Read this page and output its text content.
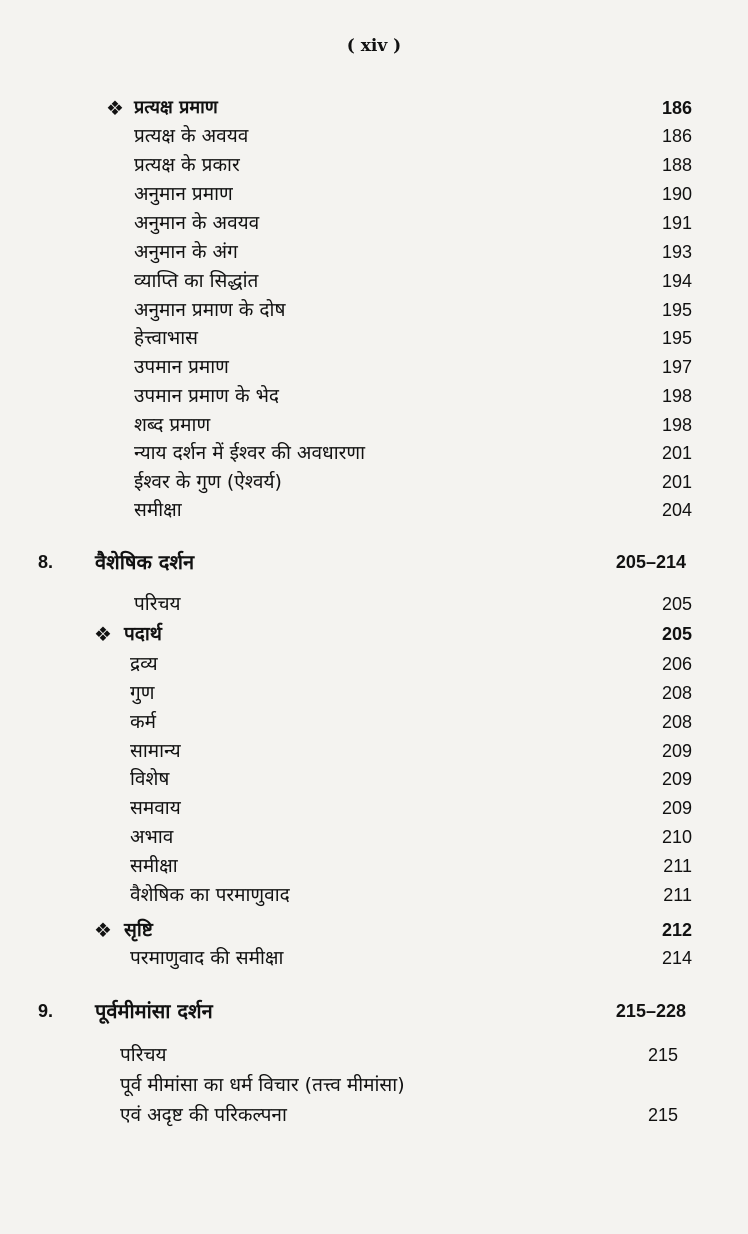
( xiv )
❖ प्रत्यक्ष प्रमाण	186
प्रत्यक्ष के अवयव	186
प्रत्यक्ष के प्रकार	188
अनुमान प्रमाण	190
अनुमान के अवयव	191
अनुमान के अंग	193
व्याप्ति का सिद्धांत	194
अनुमान प्रमाण के दोष	195
हेत्त्वाभास	195
उपमान प्रमाण	197
उपमान प्रमाण के भेद	198
शब्द प्रमाण	198
न्याय दर्शन में ईश्वर की अवधारणा	201
ईश्वर के गुण (ऐश्वर्य)	201
समीक्षा	204
8. वैशेषिक दर्शन	205–214
परिचय	205
❖ पदार्थ	205
द्रव्य	206
गुण	208
कर्म	208
सामान्य	209
विशेष	209
समवाय	209
अभाव	210
समीक्षा	211
वैशेषिक का परमाणुवाद	211
❖ सृष्टि	212
परमाणुवाद की समीक्षा	214
9. पूर्वमीमांसा दर्शन	215–228
परिचय	215
पूर्व मीमांसा का धर्म विचार (तत्त्व मीमांसा)
एवं अदृष्ट की परिकल्पना	215
